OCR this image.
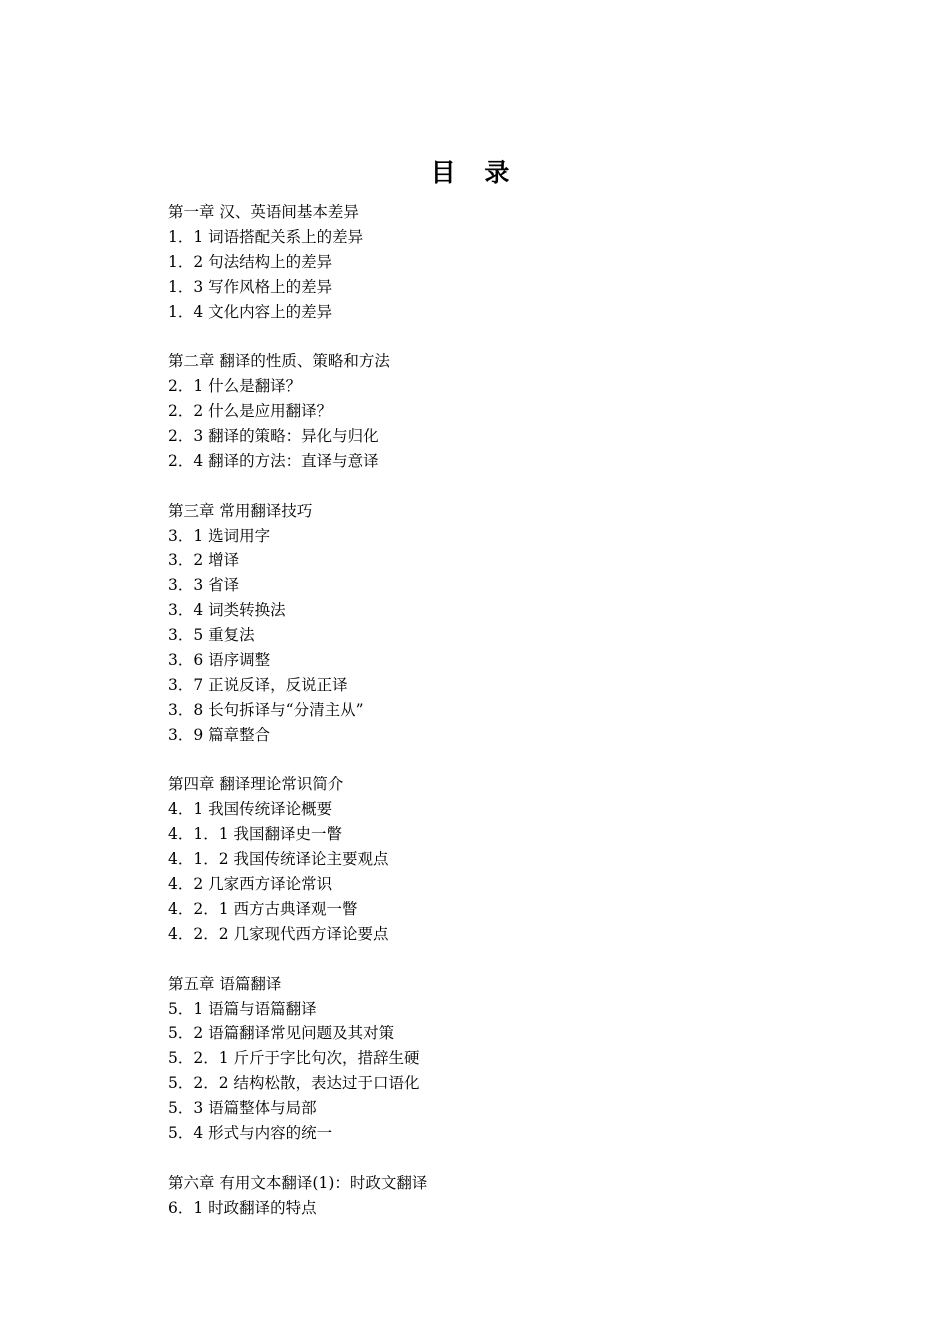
目 录
第一章 汉、英语间基本差异
1．1 词语搭配关系上的差异
1．2 句法结构上的差异
1．3 写作风格上的差异
1．4 文化内容上的差异
第二章 翻译的性质、策略和方法
2．1 什么是翻译？
2．2 什么是应用翻译？
2．3 翻译的策略：异化与归化
2．4 翻译的方法：直译与意译
第三章 常用翻译技巧
3．1 选词用字
3．2 增译
3．3 省译
3．4 词类转换法
3．5 重复法
3．6 语序调整
3．7 正说反译，反说正译
3．8 长句拆译与“分清主从”
3．9 篇章整合
第四章 翻译理论常识简介
4．1 我国传统译论概要
4．1．1 我国翻译史一瞥
4．1．2 我国传统译论主要观点
4．2 几家西方译论常识
4．2．1 西方古典译观一瞥
4．2．2 几家现代西方译论要点
第五章 语篇翻译
5．1 语篇与语篇翻译
5．2 语篇翻译常见问题及其对策
5．2．1 斤斤于字比句次，措辞生硬
5．2．2 结构松散，表达过于口语化
5．3 语篇整体与局部
5．4 形式与内容的统一
第六章 有用文本翻译(1)：时政文翻译
6．1 时政翻译的特点
